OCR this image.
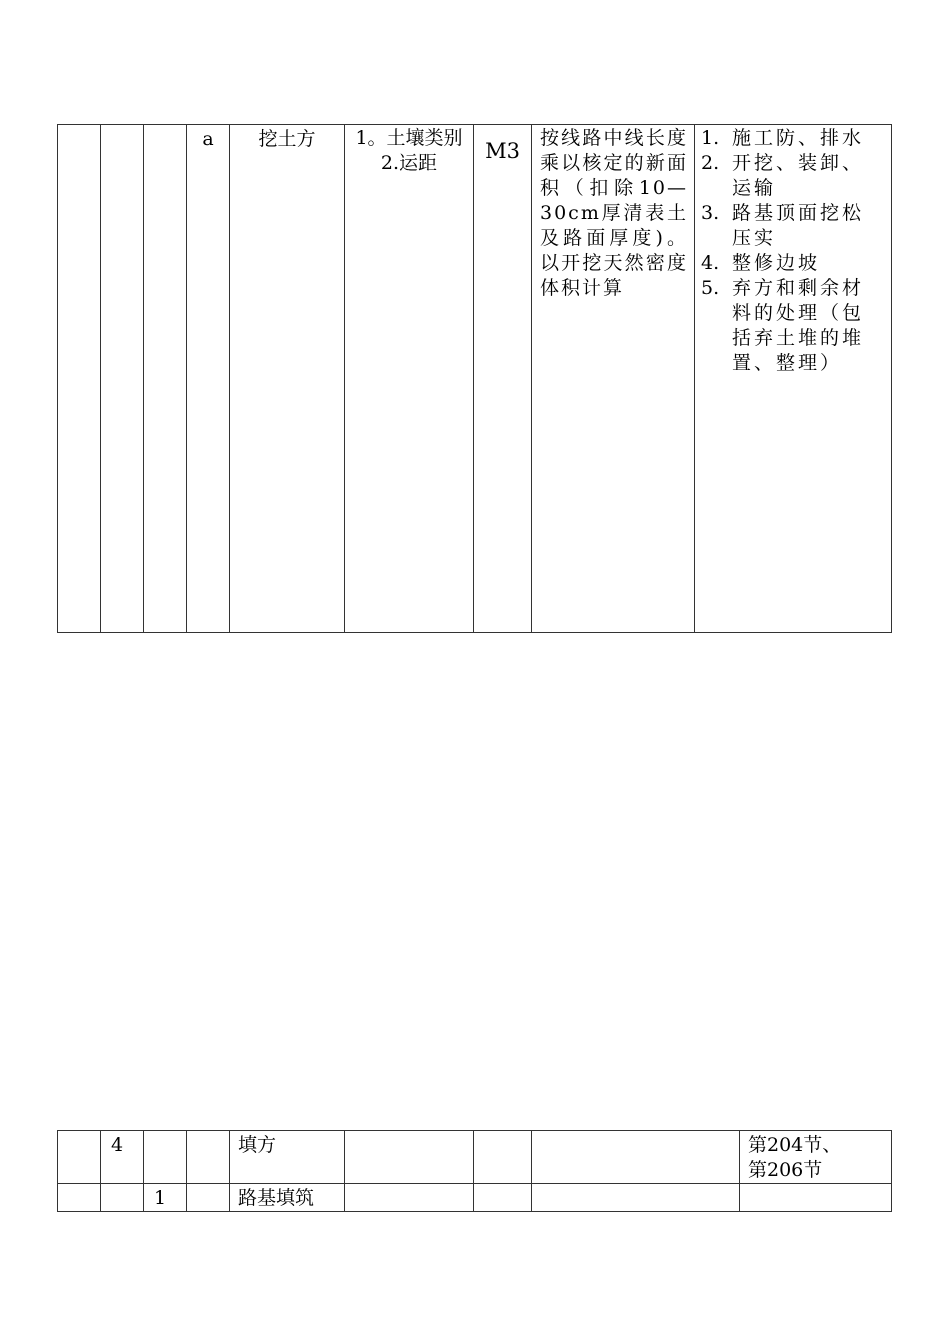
			a	挖土方	1。土壤类别
2.运距	M3	按线路中线长度乘以核定的新面积（扣除10—30cm厚清表土及路面厚度)。以开挖天然密度体积计算	
1. 施工防、排水
2. 开挖、装卸、运输
3. 路基顶面挖松压实
4. 整修边坡
5. 弃方和剩余材料的处理（包括弃土堆的堆置、整理）
	4			填方				第204节、
第206节

		1		路基填筑				
